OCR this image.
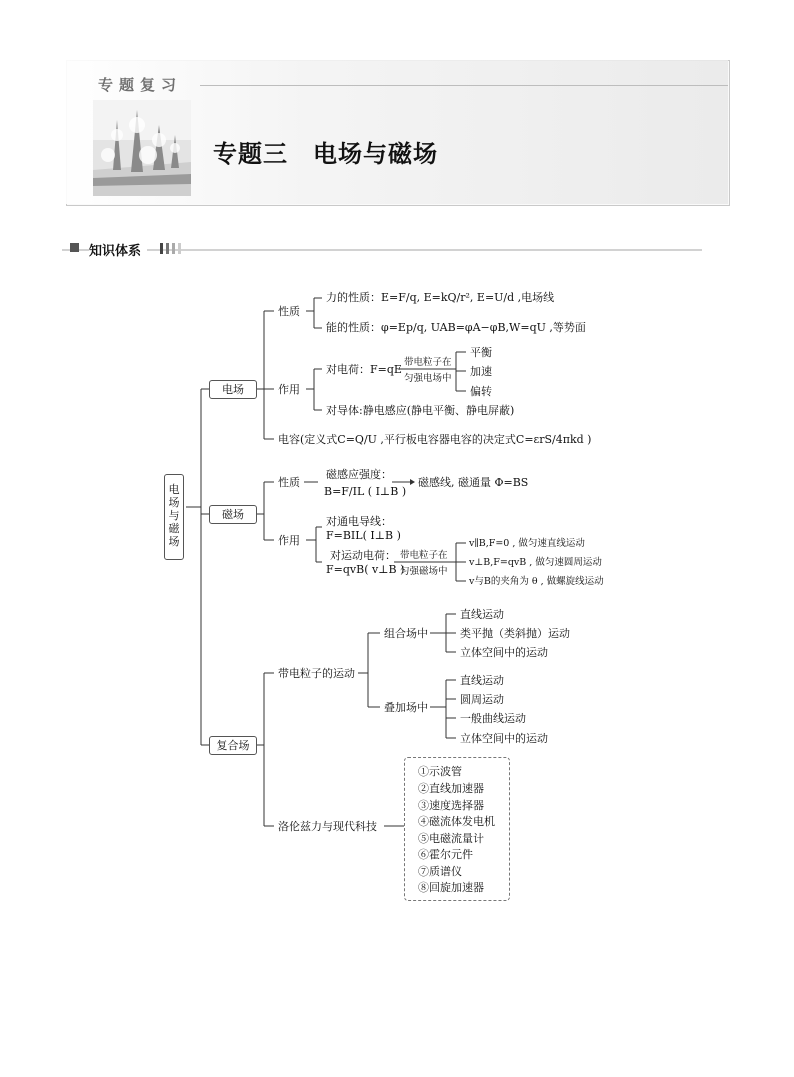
专题复习
专题三　电场与磁场
知识体系
电场与磁场
电场
性质
力的性质：E=F/q, E=kQ/r², E=U/d ,电场线
能的性质：φ=Ep/q, UAB=φA−φB,W=qU ,等势面
作用
对电荷：F=qE
带电粒子在
匀强电场中
平衡
加速
偏转
对导体:静电感应(静电平衡、静电屏蔽)
电容(定义式C=Q/U ,平行板电容器电容的决定式C=εrS/4πkd )
磁场
性质
磁感应强度：
B=F/IL ( I⊥B )
磁感线, 磁通量 Φ=BS
作用
对通电导线：
F=BIL( I⊥B )
对运动电荷：
F=qvB( v⊥B )
带电粒子在
匀强磁场中
v∥B,F=0 , 做匀速直线运动
v⊥B,F=qvB , 做匀速圆周运动
v与B的夹角为 θ , 做螺旋线运动
复合场
带电粒子的运动
组合场中
直线运动
类平抛（类斜抛）运动
立体空间中的运动
叠加场中
直线运动
圆周运动
一般曲线运动
立体空间中的运动
洛伦兹力与现代科技
①示波管
②直线加速器
③速度选择器
④磁流体发电机
⑤电磁流量计
⑥霍尔元件
⑦质谱仪
⑧回旋加速器
